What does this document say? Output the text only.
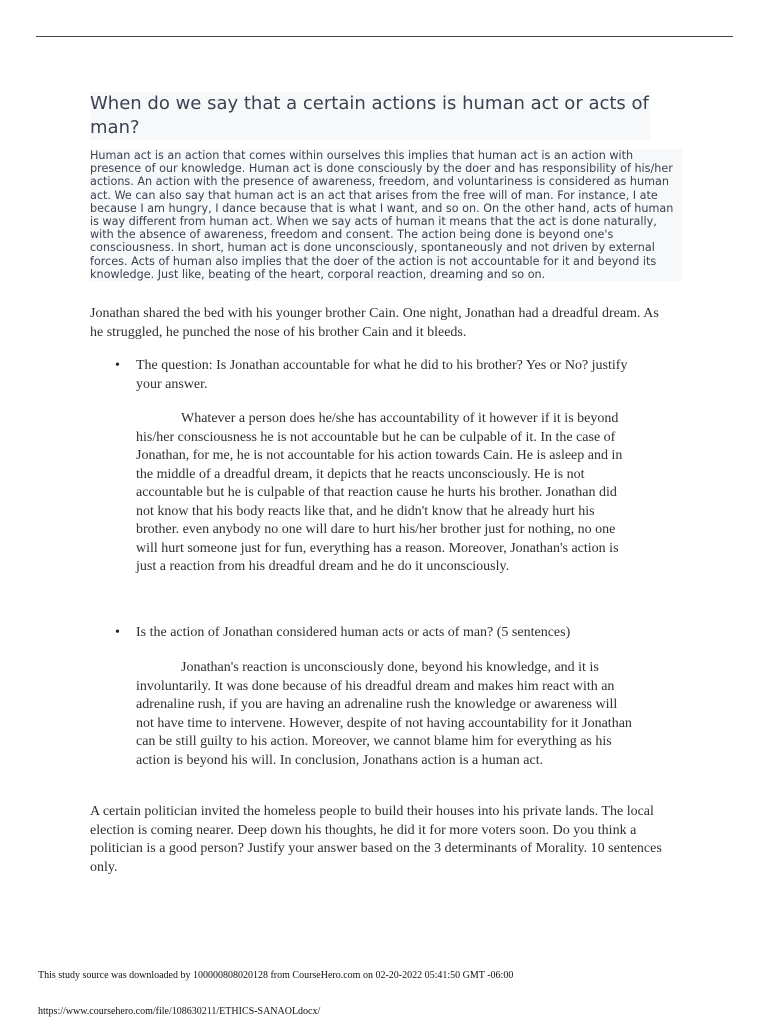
When do we say that a certain actions is human act or acts of man?

Human act is an action that comes within ourselves this implies that human act is an action with presence of our knowledge. Human act is done consciously by the doer and has responsibility of his/her actions. An action with the presence of awareness, freedom, and voluntariness is considered as human act. We can also say that human act is an act that arises from the free will of man. For instance, I ate because I am hungry, I dance because that is what I want, and so on. On the other hand, acts of human is way different from human act. When we say acts of human it means that the act is done naturally, with the absence of awareness, freedom and consent. The action being done is beyond one's consciousness. In short, human act is done unconsciously, spontaneously and not driven by external forces. Acts of human also implies that the doer of the action is not accountable for it and beyond its knowledge. Just like, beating of the heart, corporal reaction, dreaming and so on.

Jonathan shared the bed with his younger brother Cain. One night, Jonathan had a dreadful dream. As he struggled, he punched the nose of his brother Cain and it bleeds.

• The question: Is Jonathan accountable for what he did to his brother? Yes or No? justify your answer.

Whatever a person does he/she has accountability of it however if it is beyond his/her consciousness he is not accountable but he can be culpable of it. In the case of Jonathan, for me, he is not accountable for his action towards Cain. He is asleep and in the middle of a dreadful dream, it depicts that he reacts unconsciously. He is not accountable but he is culpable of that reaction cause he hurts his brother. Jonathan did not know that his body reacts like that, and he didn't know that he already hurt his brother. even anybody no one will dare to hurt his/her brother just for nothing, no one will hurt someone just for fun, everything has a reason. Moreover, Jonathan's action is just a reaction from his dreadful dream and he do it unconsciously.

• Is the action of Jonathan considered human acts or acts of man? (5 sentences)

Jonathan's reaction is unconsciously done, beyond his knowledge, and it is involuntarily. It was done because of his dreadful dream and makes him react with an adrenaline rush, if you are having an adrenaline rush the knowledge or awareness will not have time to intervene. However, despite of not having accountability for it Jonathan can be still guilty to his action. Moreover, we cannot blame him for everything as his action is beyond his will. In conclusion, Jonathans action is a human act.

A certain politician invited the homeless people to build their houses into his private lands. The local election is coming nearer. Deep down his thoughts, he did it for more voters soon. Do you think a politician is a good person? Justify your answer based on the 3 determinants of Morality. 10 sentences only.

This study source was downloaded by 100000808020128 from CourseHero.com on 02-20-2022 05:41:50 GMT -06:00

https://www.coursehero.com/file/108630211/ETHICS-SANAOLdocx/
